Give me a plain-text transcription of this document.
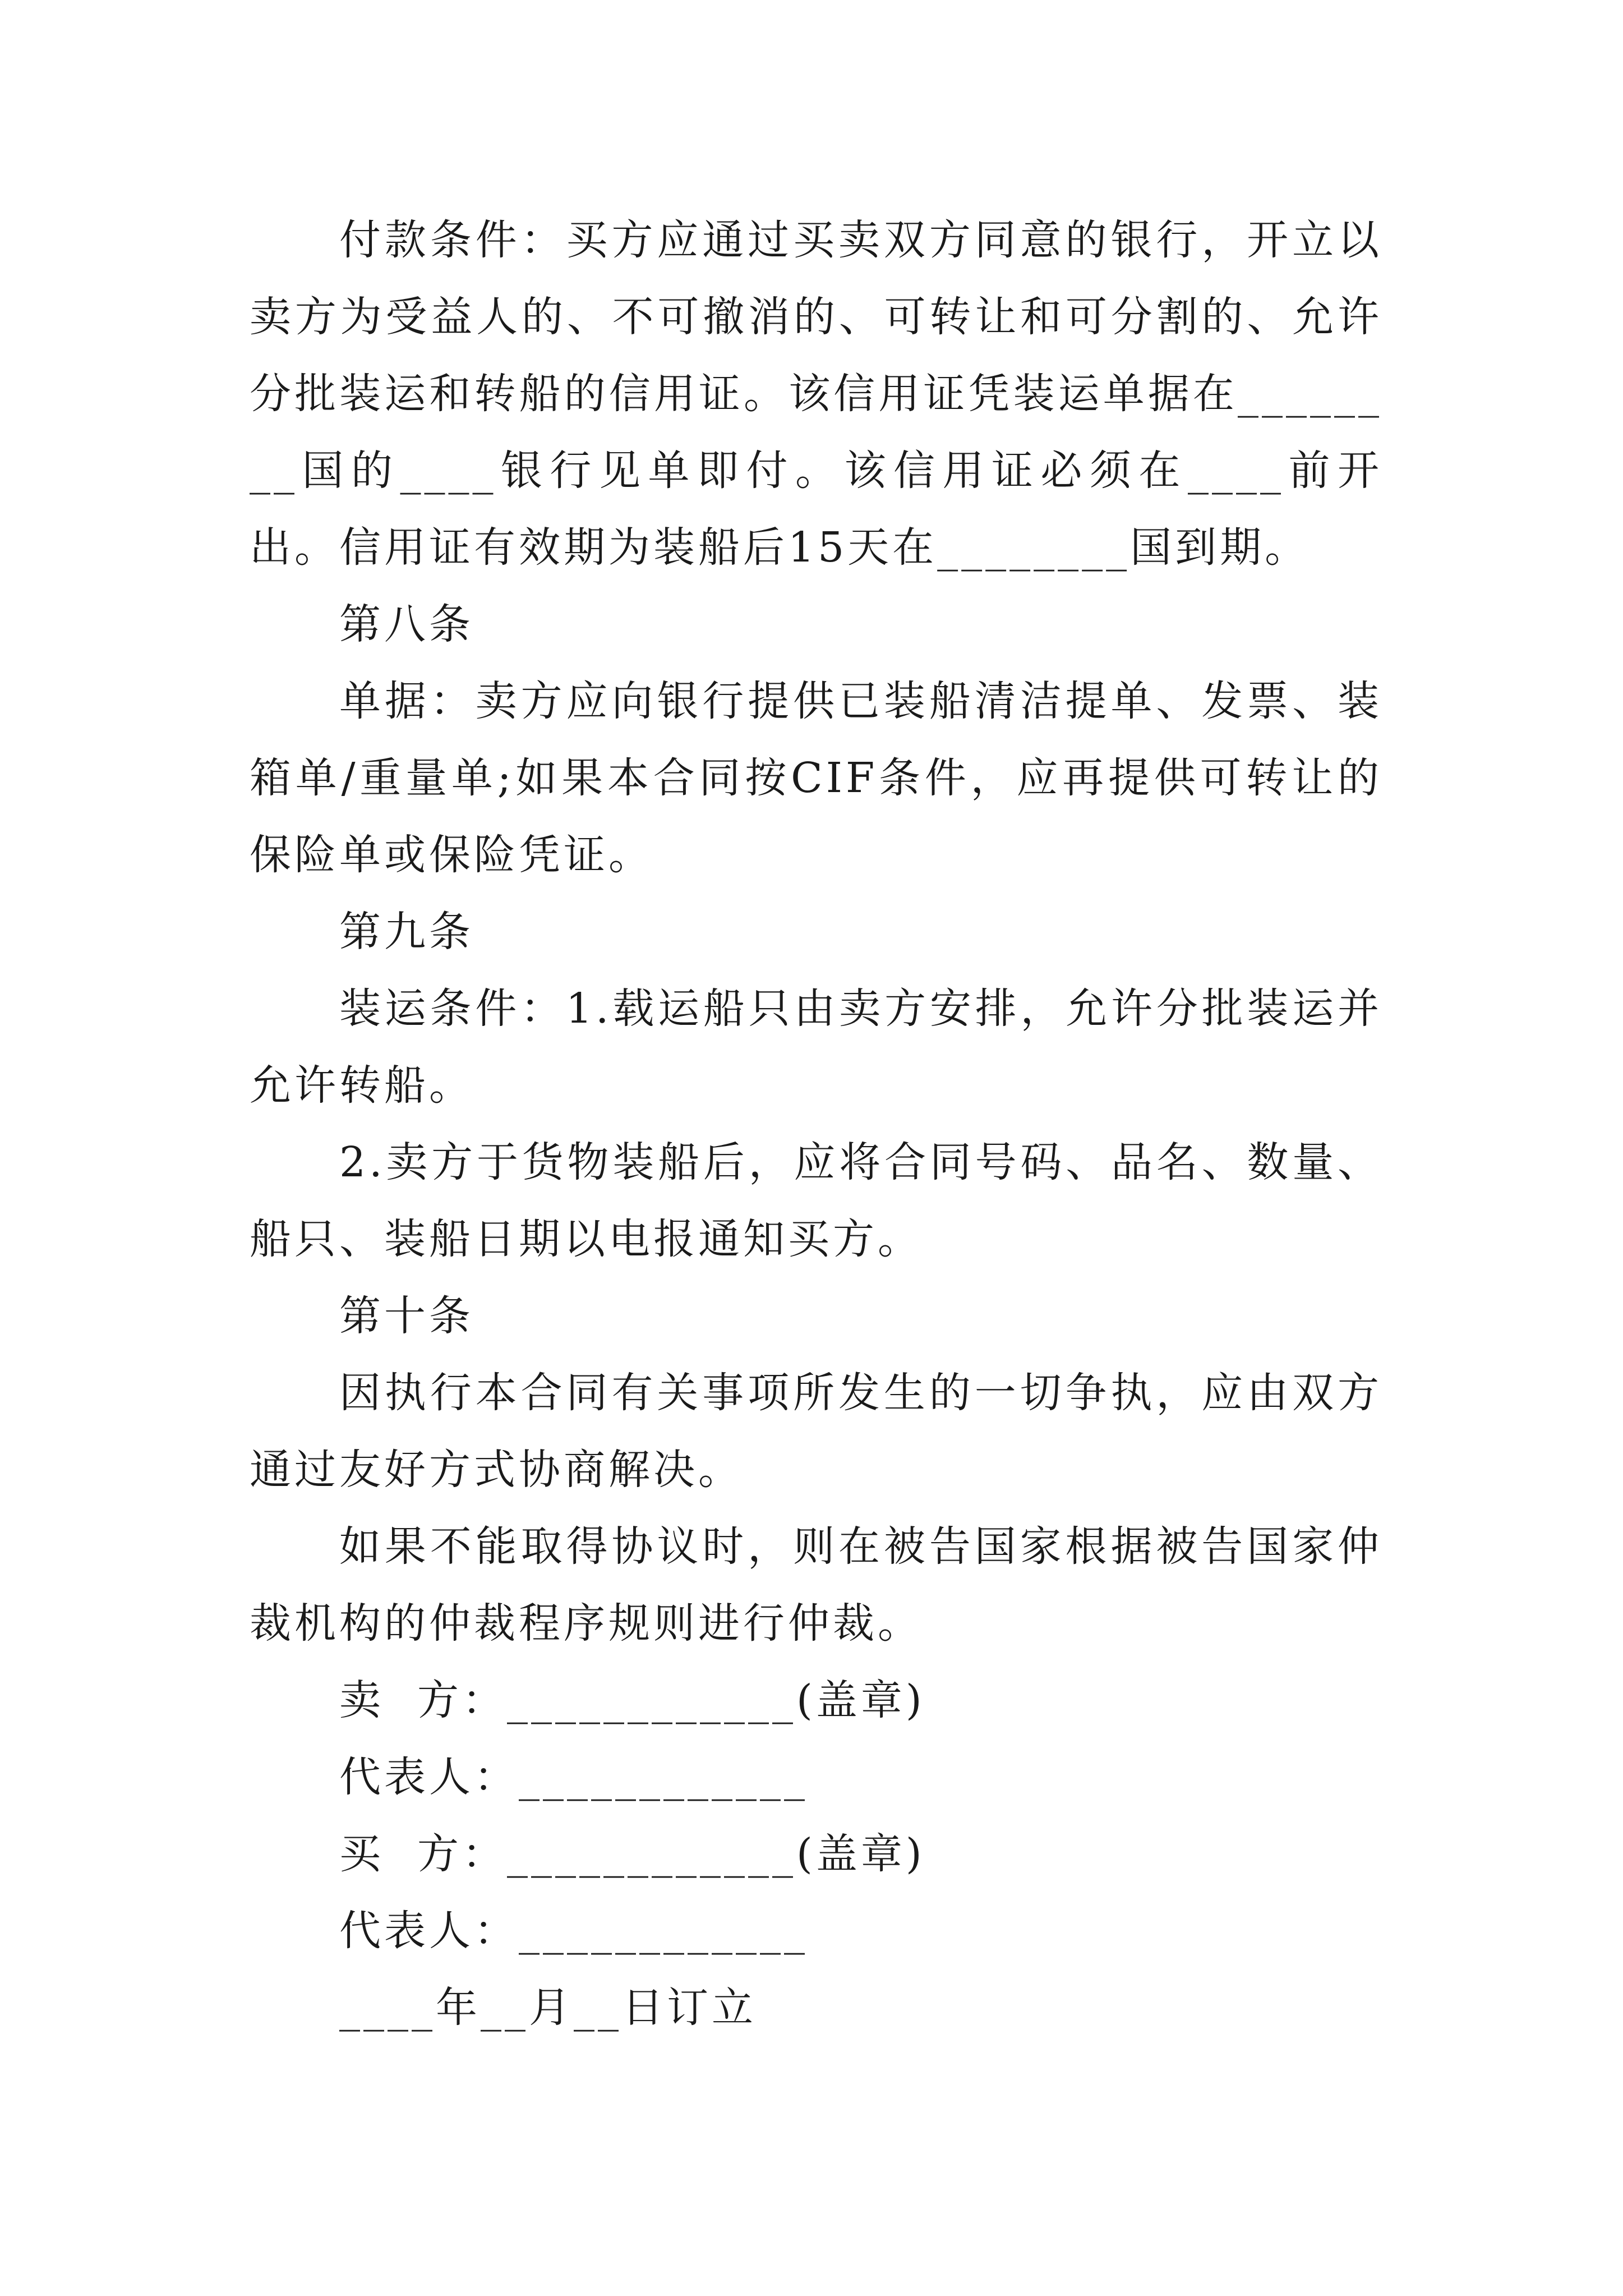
付款条件：买方应通过买卖双方同意的银行，开立以卖方为受益人的、不可撤消的、可转让和可分割的、允许分批装运和转船的信用证。该信用证凭装运单据在________国的____银行见单即付。该信用证必须在____前开出。信用证有效期为装船后15天在________国到期。

第八条

单据：卖方应向银行提供已装船清洁提单、发票、装箱单/重量单;如果本合同按CIF条件，应再提供可转让的保险单或保险凭证。

第九条

装运条件：1.载运船只由卖方安排，允许分批装运并允许转船。

2.卖方于货物装船后，应将合同号码、品名、数量、船只、装船日期以电报通知买方。

第十条

因执行本合同有关事项所发生的一切争执，应由双方通过友好方式协商解决。

如果不能取得协议时，则在被告国家根据被告国家仲裁机构的仲裁程序规则进行仲裁。

卖  方：____________(盖章)

代表人：____________

买  方：____________(盖章)

代表人：____________

____年__月__日订立
